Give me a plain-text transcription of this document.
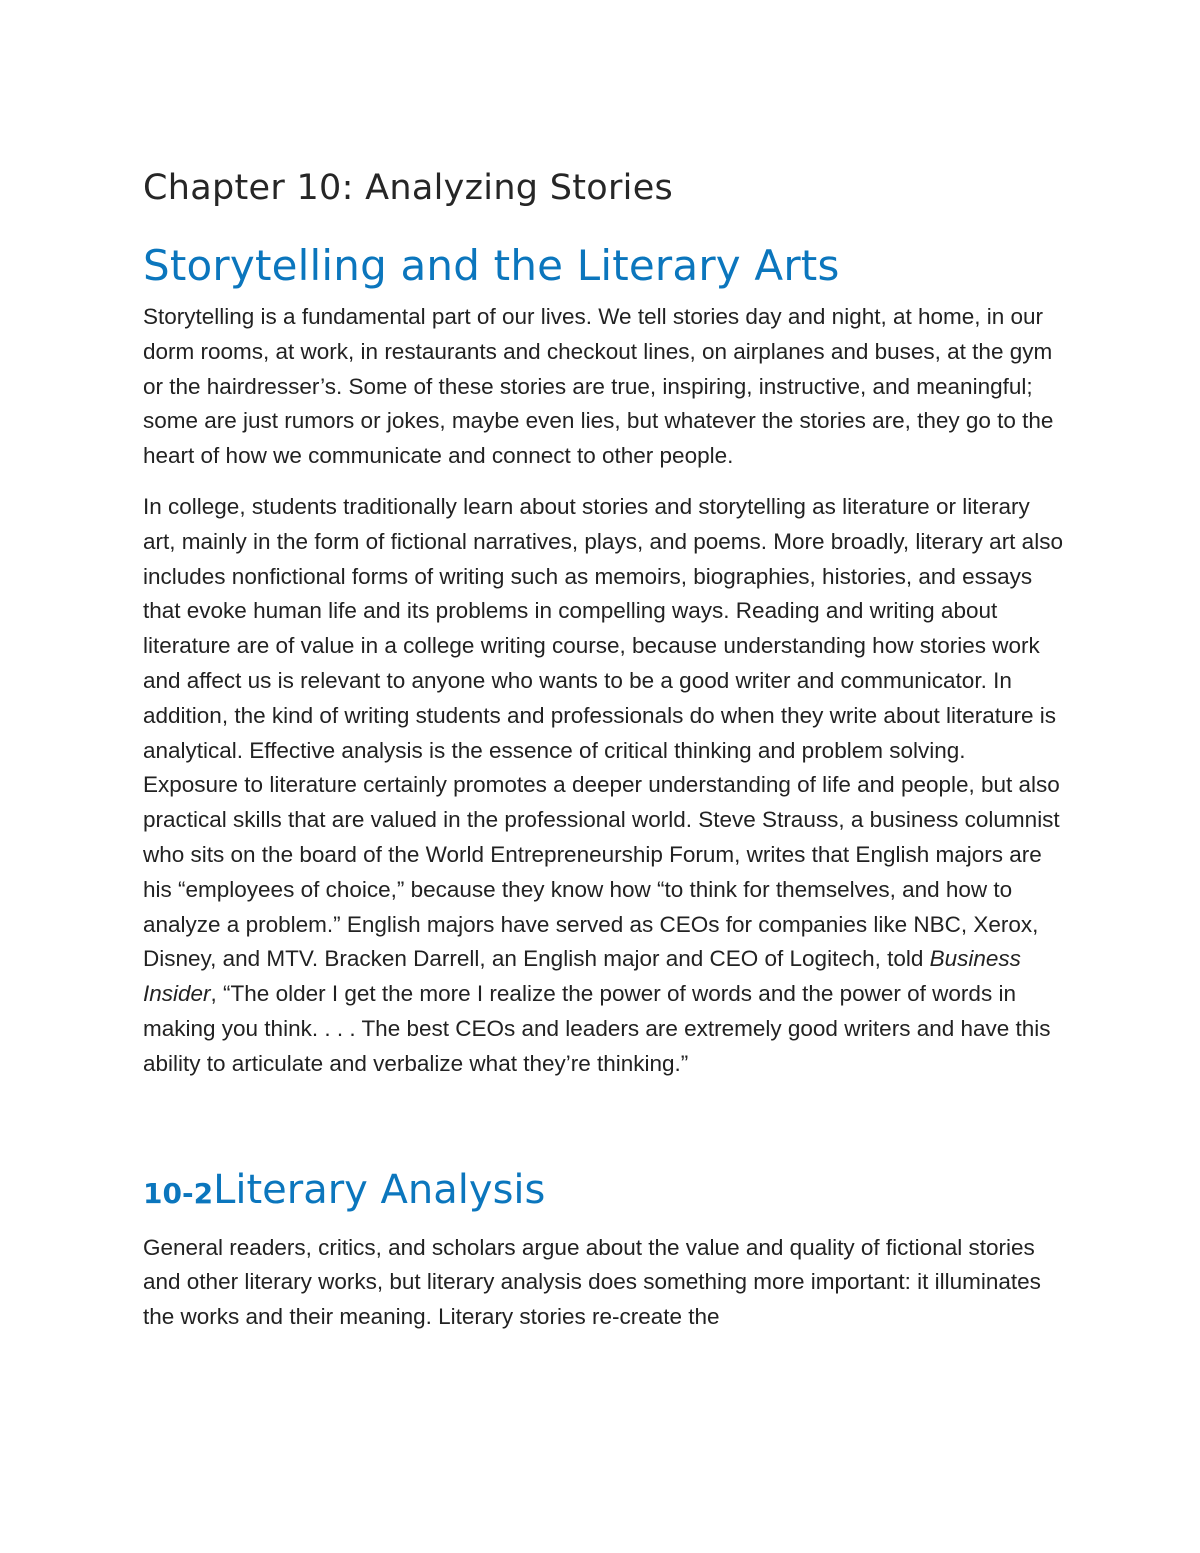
Chapter 10: Analyzing Stories
Storytelling and the Literary Arts

Storytelling is a fundamental part of our lives. We tell stories day and night, at home, in our dorm rooms, at work, in restaurants and checkout lines, on airplanes and buses, at the gym or the hairdresser’s. Some of these stories are true, inspiring, instructive, and meaningful; some are just rumors or jokes, maybe even lies, but whatever the stories are, they go to the heart of how we communicate and connect to other people.

In college, students traditionally learn about stories and storytelling as literature or literary art, mainly in the form of fictional narratives, plays, and poems. More broadly, literary art also includes nonfictional forms of writing such as memoirs, biographies, histories, and essays that evoke human life and its problems in compelling ways. Reading and writing about literature are of value in a college writing course, because understanding how stories work and affect us is relevant to anyone who wants to be a good writer and communicator. In addition, the kind of writing students and professionals do when they write about literature is analytical. Effective analysis is the essence of critical thinking and problem solving. Exposure to literature certainly promotes a deeper understanding of life and people, but also practical skills that are valued in the professional world. Steve Strauss, a business columnist who sits on the board of the World Entrepreneurship Forum, writes that English majors are his “employees of choice,” because they know how “to think for themselves, and how to analyze a problem.” English majors have served as CEOs for companies like NBC, Xerox, Disney, and MTV. Bracken Darrell, an English major and CEO of Logitech, told Business Insider, “The older I get the more I realize the power of words and the power of words in making you think. . . . The best CEOs and leaders are extremely good writers and have this ability to articulate and verbalize what they’re thinking.”

10-2Literary Analysis

General readers, critics, and scholars argue about the value and quality of fictional stories and other literary works, but literary analysis does something more important: it illuminates the works and their meaning. Literary stories re-create the
